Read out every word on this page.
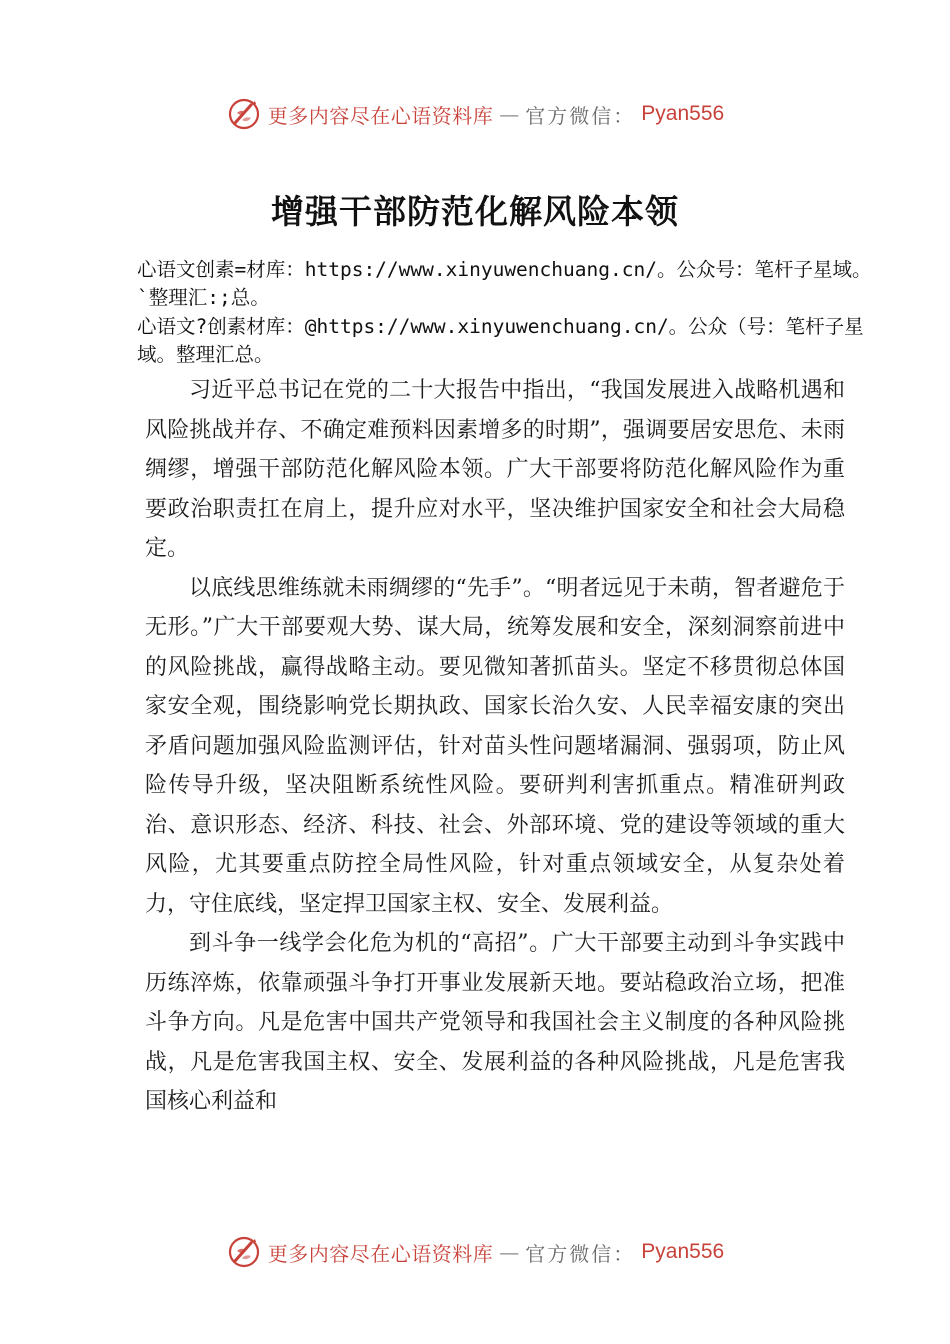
更多内容尽在心语资料库 — 官方微信： Pyan556
增强干部防范化解风险本领

心语文创素=材库：https://www.xinyuwenchuang.cn/。公众号：笔杆子星域。`整理汇:;总。

心语文?创素材库：@https://www.xinyuwenchuang.cn/。公众（号：笔杆子星域。整理汇总。

习近平总书记在党的二十大报告中指出，“我国发展进入战略机遇和风险挑战并存、不确定难预料因素增多的时期”，强调要居安思危、未雨绸缪，增强干部防范化解风险本领。广大干部要将防范化解风险作为重要政治职责扛在肩上，提升应对水平，坚决维护国家安全和社会大局稳定。

以底线思维练就未雨绸缪的“先手”。“明者远见于未萌，智者避危于无形。”广大干部要观大势、谋大局，统筹发展和安全，深刻洞察前进中的风险挑战，赢得战略主动。要见微知著抓苗头。坚定不移贯彻总体国家安全观，围绕影响党长期执政、国家长治久安、人民幸福安康的突出矛盾问题加强风险监测评估，针对苗头性问题堵漏洞、强弱项，防止风险传导升级，坚决阻断系统性风险。要研判利害抓重点。精准研判政治、意识形态、经济、科技、社会、外部环境、党的建设等领域的重大风险，尤其要重点防控全局性风险，针对重点领域安全，从复杂处着力，守住底线，坚定捍卫国家主权、安全、发展利益。

到斗争一线学会化危为机的“高招”。广大干部要主动到斗争实践中历练淬炼，依靠顽强斗争打开事业发展新天地。要站稳政治立场，把准斗争方向。凡是危害中国共产党领导和我国社会主义制度的各种风险挑战，凡是危害我国主权、安全、发展利益的各种风险挑战，凡是危害我国核心利益和

更多内容尽在心语资料库 — 官方微信： Pyan556
